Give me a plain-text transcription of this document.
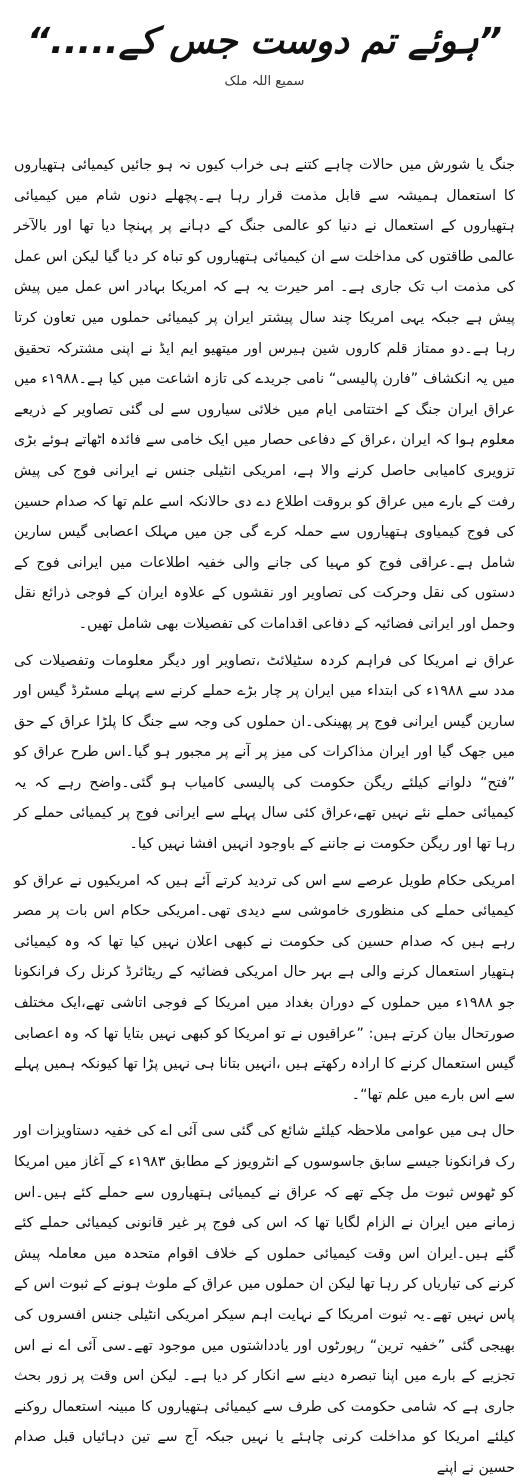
”ہوئے تم دوست جس کے.....“
سمیع اللہ ملک

جنگ یا شورش میں حالات چاہے کتنے ہی خراب کیوں نہ ہو جائیں کیمیائی ہتھیاروں کا استعمال ہمیشہ سے قابل مذمت قرار رہا ہے۔پچھلے دنوں شام میں کیمیائی ہتھیاروں کے استعمال نے دنیا کو عالمی جنگ کے دہانے پر پہنچا دیا تھا اور بالآخر عالمی طاقتوں کی مداخلت سے ان کیمیائی ہتھیاروں کو تباہ کر دیا گیا لیکن اس عمل کی مذمت اب تک جاری ہے۔ امر حیرت یہ ہے کہ امریکا بہادر اس عمل میں پیش پیش ہے جبکہ یہی امریکا چند سال پیشتر ایران پر کیمیائی حملوں میں تعاون کرتا رہا ہے۔دو ممتاز قلم کاروں شین ہیرس اور میتھیو ایم ایڈ نے اپنی مشترکہ تحقیق میں یہ انکشاف ”فارن پالیسی“ نامی جریدے کی تازہ اشاعت میں کیا ہے۔۱۹۸۸ء میں عراق ایران جنگ کے اختتامی ایام میں خلائی سیاروں سے لی گئی تصاویر کے ذریعے معلوم ہوا کہ ایران ،عراق کے دفاعی حصار میں ایک خامی سے فائدہ اٹھاتے ہوئے بڑی تزویری کامیابی حاصل کرنے والا ہے، امریکی انٹیلی جنس نے ایرانی فوج کی پیش رفت کے بارے میں عراق کو بروقت اطلاع دے دی حالانکہ اسے علم تھا کہ صدام حسین کی فوج کیمیاوی ہتھیاروں سے حملہ کرے گی جن میں مہلک اعصابی گیس سارین شامل ہے۔عراقی فوج کو مہیا کی جانے والی خفیہ اطلاعات میں ایرانی فوج کے دستوں کی نقل وحرکت کی تصاویر اور نقشوں کے علاوہ ایران کے فوجی ذرائع نقل وحمل اور ایرانی فضائیہ کے دفاعی اقدامات کی تفصیلات بھی شامل تھیں۔

عراق نے امریکا کی فراہم کردہ سٹیلائٹ ،تصاویر اور دیگر معلومات وتفصیلات کی مدد سے ۱۹۸۸ء کی ابتداء میں ایران پر چار بڑے حملے کرنے سے پہلے مسٹرڈ گیس اور سارین گیس ایرانی فوج پر پھینکی۔ان حملوں کی وجہ سے جنگ کا پلڑا عراق کے حق میں جھک گیا اور ایران مذاکرات کی میز پر آنے پر مجبور ہو گیا۔اس طرح عراق کو ”فتح“ دلوانے کیلئے ریگن حکومت کی پالیسی کامیاب ہو گئی۔واضح رہے کہ یہ کیمیائی حملے نئے نہیں تھے،عراق کئی سال پہلے سے ایرانی فوج پر کیمیائی حملے کر رہا تھا اور ریگن حکومت نے جاننے کے باوجود انہیں افشا نہیں کیا۔

امریکی حکام طویل عرصے سے اس کی تردید کرتے آئے ہیں کہ امریکیوں نے عراق کو کیمیائی حملے کی منظوری خاموشی سے دیدی تھی۔امریکی حکام اس بات پر مصر رہے ہیں کہ صدام حسین کی حکومت نے کبھی اعلان نہیں کیا تھا کہ وہ کیمیائی ہتھیار استعمال کرنے والی ہے بہر حال امریکی فضائیہ کے ریٹائرڈ کرنل رک فرانکونا جو ۱۹۸۸ء میں حملوں کے دوران بغداد میں امریکا کے فوجی اتاشی تھے،ایک مختلف صورتحال بیان کرتے ہیں: ”عراقیوں نے تو امریکا کو کبھی نہیں بتایا تھا کہ وہ اعصابی گیس استعمال کرنے کا ارادہ رکھتے ہیں ،انہیں بتانا ہی نہیں پڑا تھا کیونکہ ہمیں پہلے سے اس بارے میں علم تھا“۔

حال ہی میں عوامی ملاحظہ کیلئے شائع کی گئی سی آئی اے کی خفیہ دستاویزات اور رک فرانکونا جیسے سابق جاسوسوں کے انٹرویوز کے مطابق ۱۹۸۳ء کے آغاز میں امریکا کو ٹھوس ثبوت مل چکے تھے کہ عراق نے کیمیائی ہتھیاروں سے حملے کئے ہیں۔اس زمانے میں ایران نے الزام لگایا تھا کہ اس کی فوج پر غیر قانونی کیمیائی حملے کئے گئے ہیں۔ایران اس وقت کیمیائی حملوں کے خلاف اقوام متحدہ میں معاملہ پیش کرنے کی تیاریاں کر رہا تھا لیکن ان حملوں میں عراق کے ملوث ہونے کے ثبوت اس کے پاس نہیں تھے۔یہ ثبوت امریکا کے نہایت اہم سیکر امریکی انٹیلی جنس افسروں کی بھیجی گئی ”خفیہ ترین“ رپورٹوں اور یادداشتوں میں موجود تھے۔سی آئی اے نے اس تجزیے کے بارے میں اپنا تبصرہ دینے سے انکار کر دیا ہے۔ لیکن اس وقت پر زور بحث جاری ہے کہ شامی حکومت کی طرف سے کیمیائی ہتھیاروں کا مبینہ استعمال روکنے کیلئے امریکا کو مداخلت کرنی چاہئے یا نہیں جبکہ آج سے تین دہائیاں قبل صدام حسین نے اپنے
